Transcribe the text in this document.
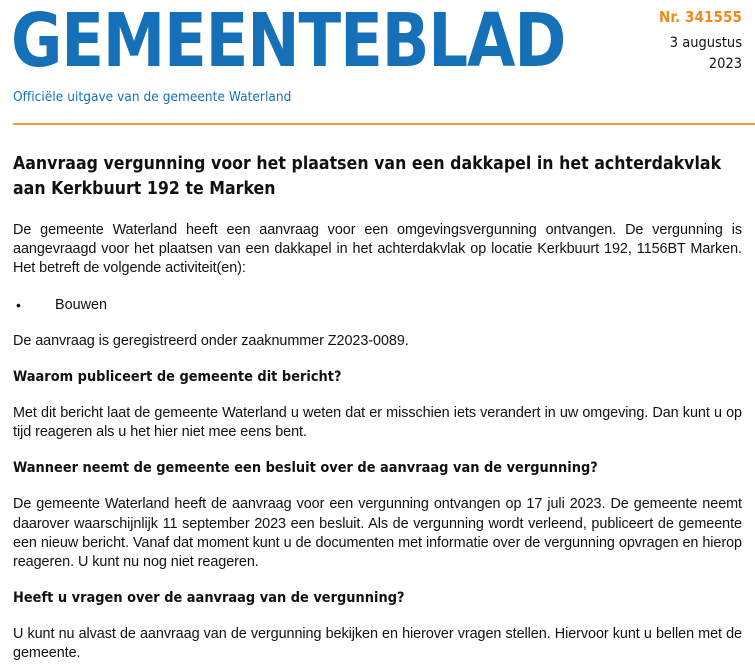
GEMEENTEBLAD	Nr. 341555
3 augustus
2023
Officiële uitgave van de gemeente Waterland
Aanvraag vergunning voor het plaatsen van een dakkapel in het achterdakvlak aan Kerkbuurt 192 te Marken

De gemeente Waterland heeft een aanvraag voor een omgevingsvergunning ontvangen. De vergunning is aangevraagd voor het plaatsen van een dakkapel in het achterdakvlak op locatie Kerkbuurt 192, 1156BT Marken. Het betreft de volgende activiteit(en):

• Bouwen

De aanvraag is geregistreerd onder zaaknummer Z2023-0089.

Waarom publiceert de gemeente dit bericht?

Met dit bericht laat de gemeente Waterland u weten dat er misschien iets verandert in uw omgeving. Dan kunt u op tijd reageren als u het hier niet mee eens bent.

Wanneer neemt de gemeente een besluit over de aanvraag van de vergunning?

De gemeente Waterland heeft de aanvraag voor een vergunning ontvangen op 17 juli 2023. De gemeente neemt daarover waarschijnlijk 11 september 2023 een besluit. Als de vergunning wordt verleend, publiceert de gemeente een nieuw bericht. Vanaf dat moment kunt u de documenten met informatie over de vergunning opvragen en hierop reageren. U kunt nu nog niet reageren.

Heeft u vragen over de aanvraag van de vergunning?

U kunt nu alvast de aanvraag van de vergunning bekijken en hierover vragen stellen. Hiervoor kunt u bellen met de gemeente.
